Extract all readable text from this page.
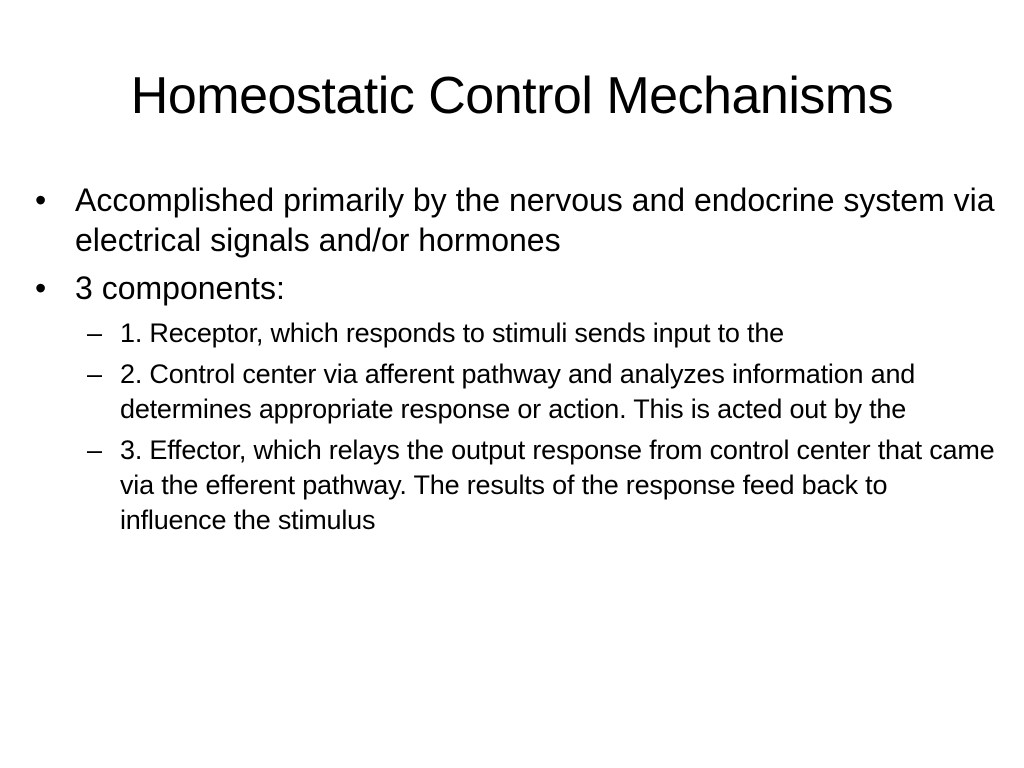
Homeostatic Control Mechanisms
• Accomplished primarily by the nervous and endocrine system via electrical signals and/or hormones
• 3 components:
– 1. Receptor, which responds to stimuli sends input to the
– 2. Control center via afferent pathway and analyzes information and determines appropriate response or action. This is acted out by the
– 3. Effector, which relays the output response from control center that came via the efferent pathway. The results of the response feed back to influence the stimulus
